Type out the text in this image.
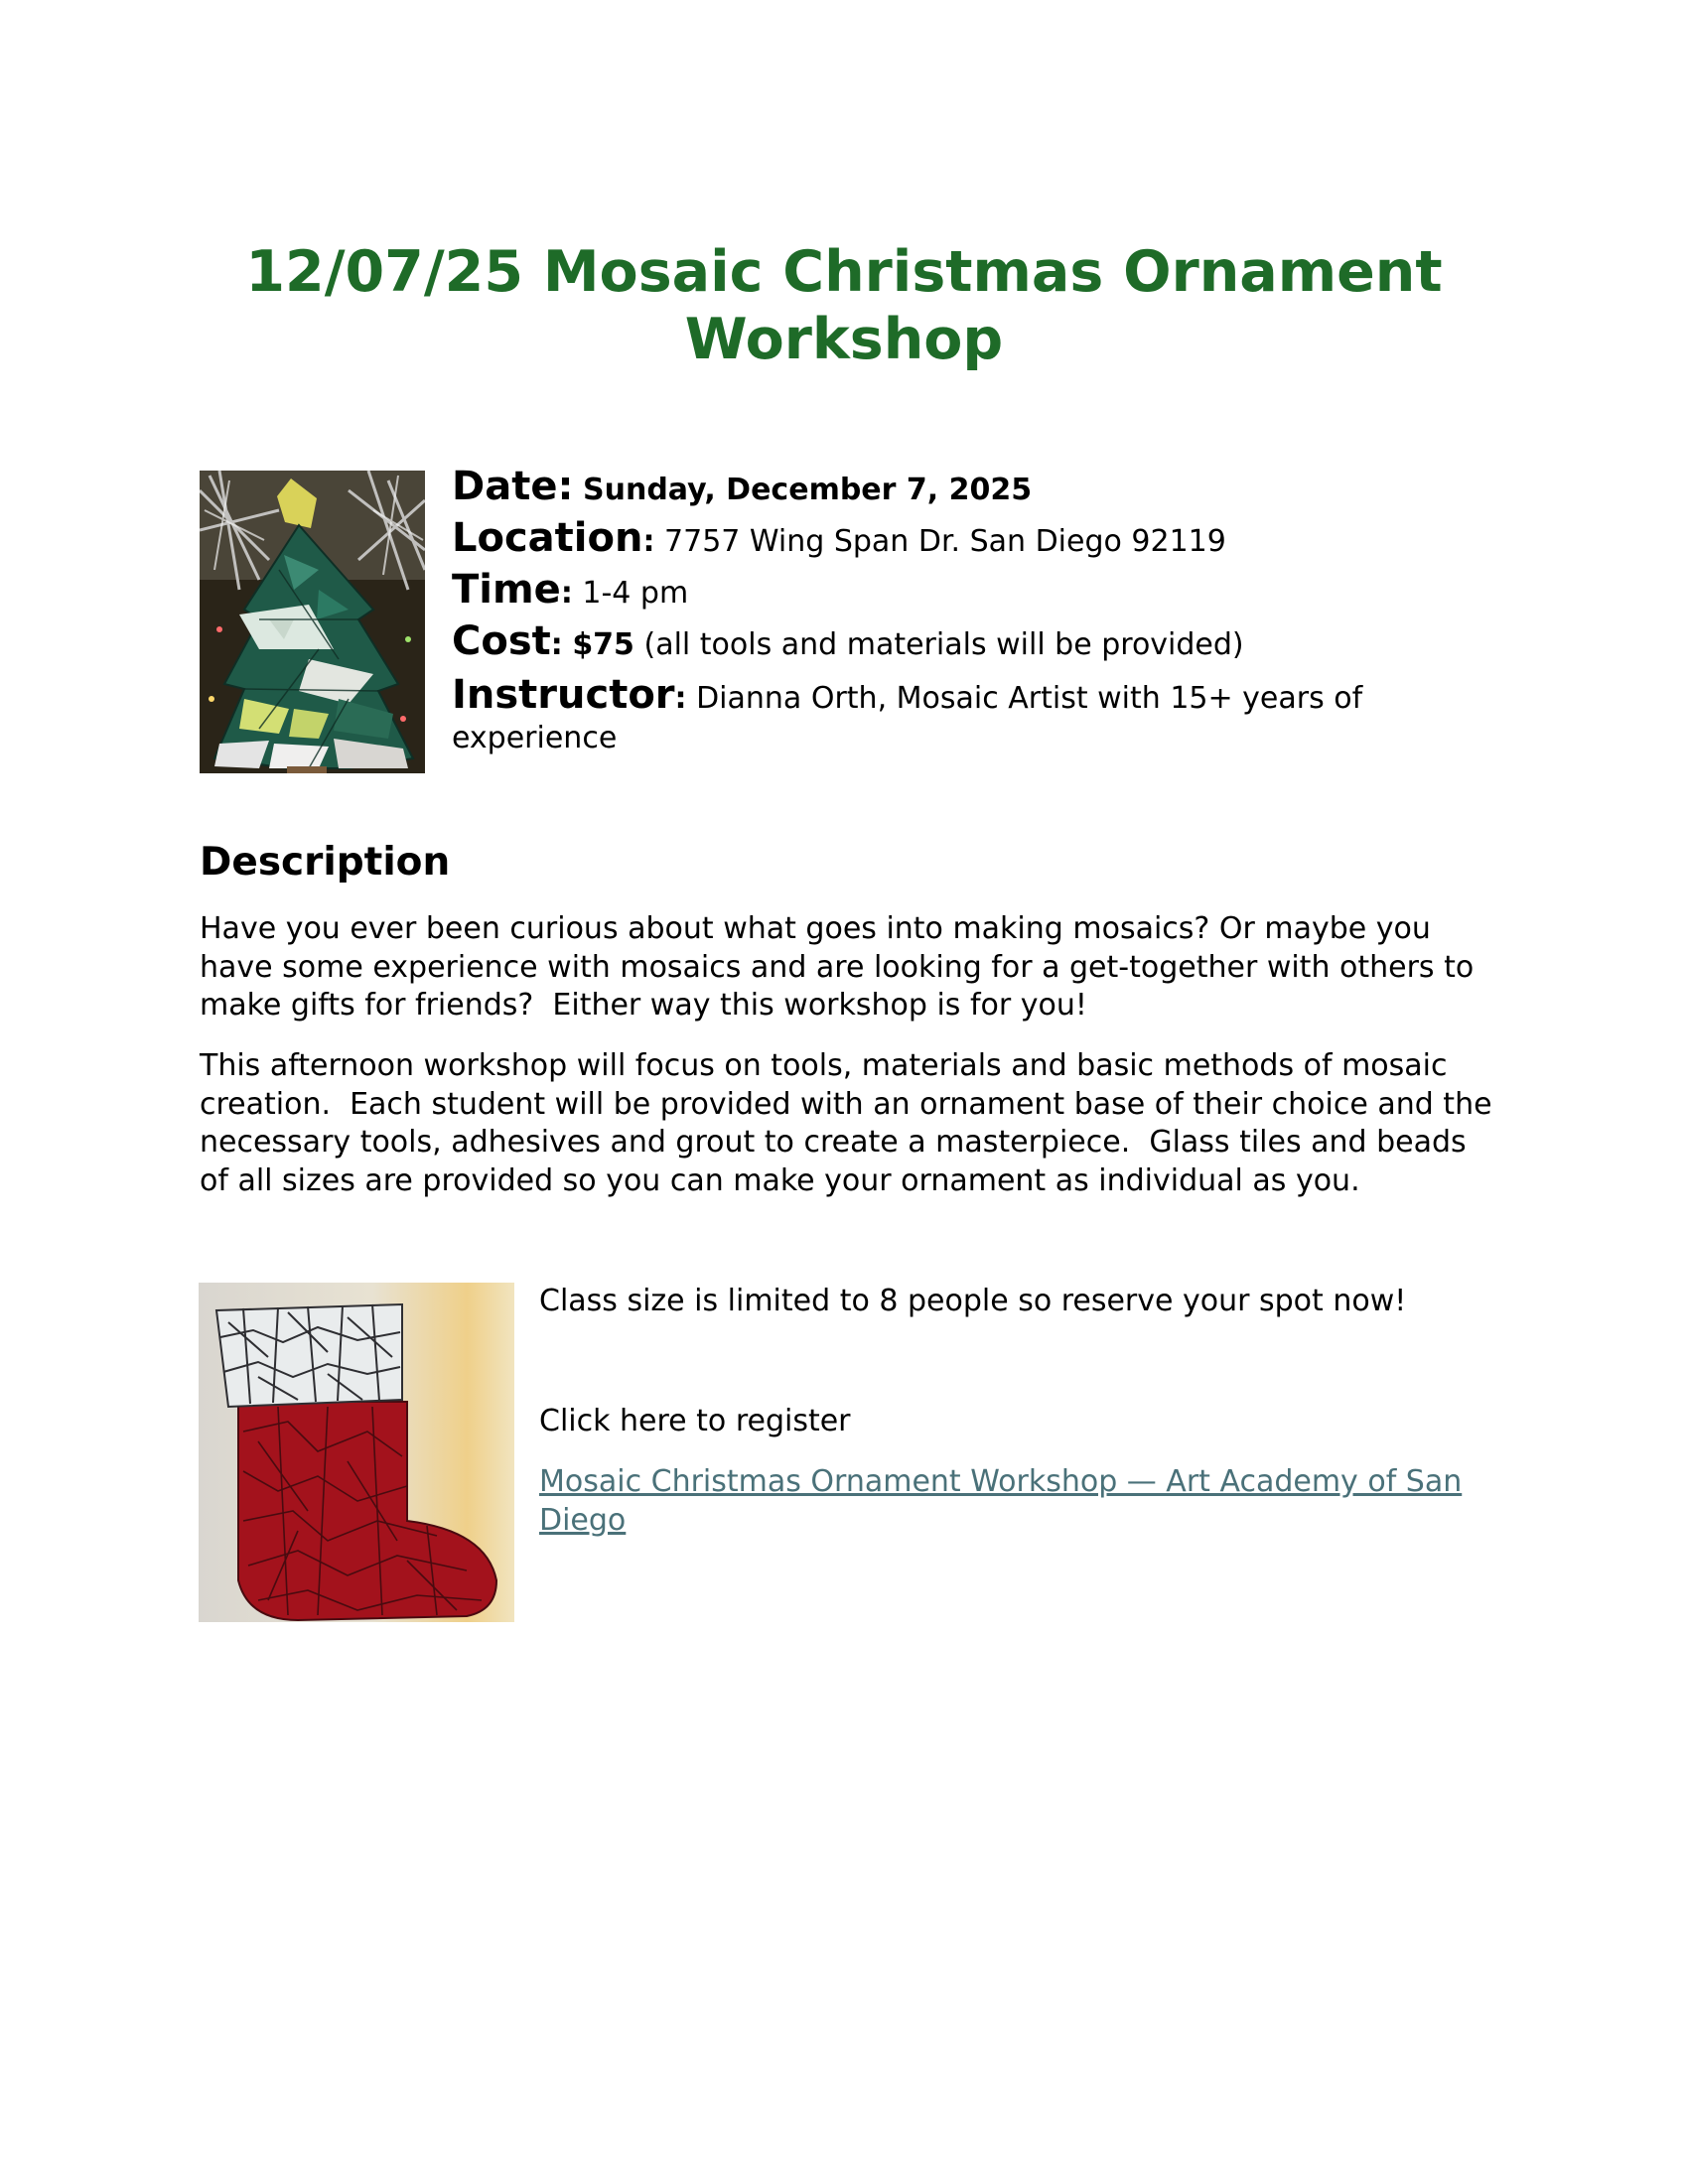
12/07/25 Mosaic Christmas Ornament Workshop
Date: Sunday, December 7, 2025
Location: 7757 Wing Span Dr. San Diego 92119
Time: 1-4 pm
Cost: $75 (all tools and materials will be provided)
Instructor: Dianna Orth, Mosaic Artist with 15+ years of experience
Description

Have you ever been curious about what goes into making mosaics? Or maybe you have some experience with mosaics and are looking for a get-together with others to make gifts for friends?  Either way this workshop is for you!

This afternoon workshop will focus on tools, materials and basic methods of mosaic creation.  Each student will be provided with an ornament base of their choice and the necessary tools, adhesives and grout to create a masterpiece.  Glass tiles and beads of all sizes are provided so you can make your ornament as individual as you.

Class size is limited to 8 people so reserve your spot now!

Click here to register

Mosaic Christmas Ornament Workshop — Art Academy of San Diego
